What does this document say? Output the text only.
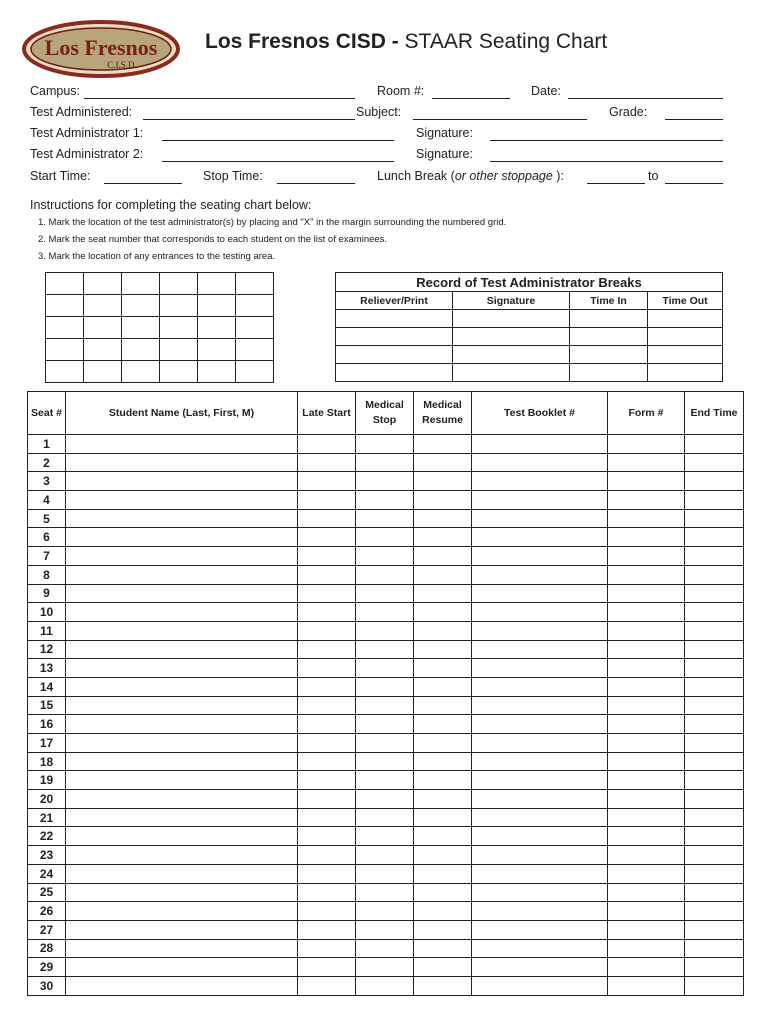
Los Fresnos
C.I.S.D.
Los Fresnos CISD - STAAR Seating Chart
Campus:	Room #:	Date:
Test Administered:	Subject:	Grade:
Test Administrator 1:	Signature:
Test Administrator 2:	Signature:
Start Time:	Stop Time:	Lunch Break (or other stoppage ):	to
Instructions for completing the seating chart below:
1. Mark the location of the test administrator(s) by placing and "X" in the margin surrounding the numbered grid.
2. Mark the seat number that corresponds to each student on the list of examinees.
3. Mark the location of any entrances to the testing area.

Record of Test Administrator Breaks			
Reliever/Print	Signature	Time In	Time Out

Seat #	Student Name (Last, First, M)	Late Start	Medical Stop	Medical Resume	Test Booklet #	Form #	End Time
1							
2							
3							
4							
5							
6							
7							
8							
9							
10							
11							
12							
13							
14							
15							
16							
17							
18							
19							
20							
21							
22							
23							
24							
25							
26							
27							
28							
29							
30							
